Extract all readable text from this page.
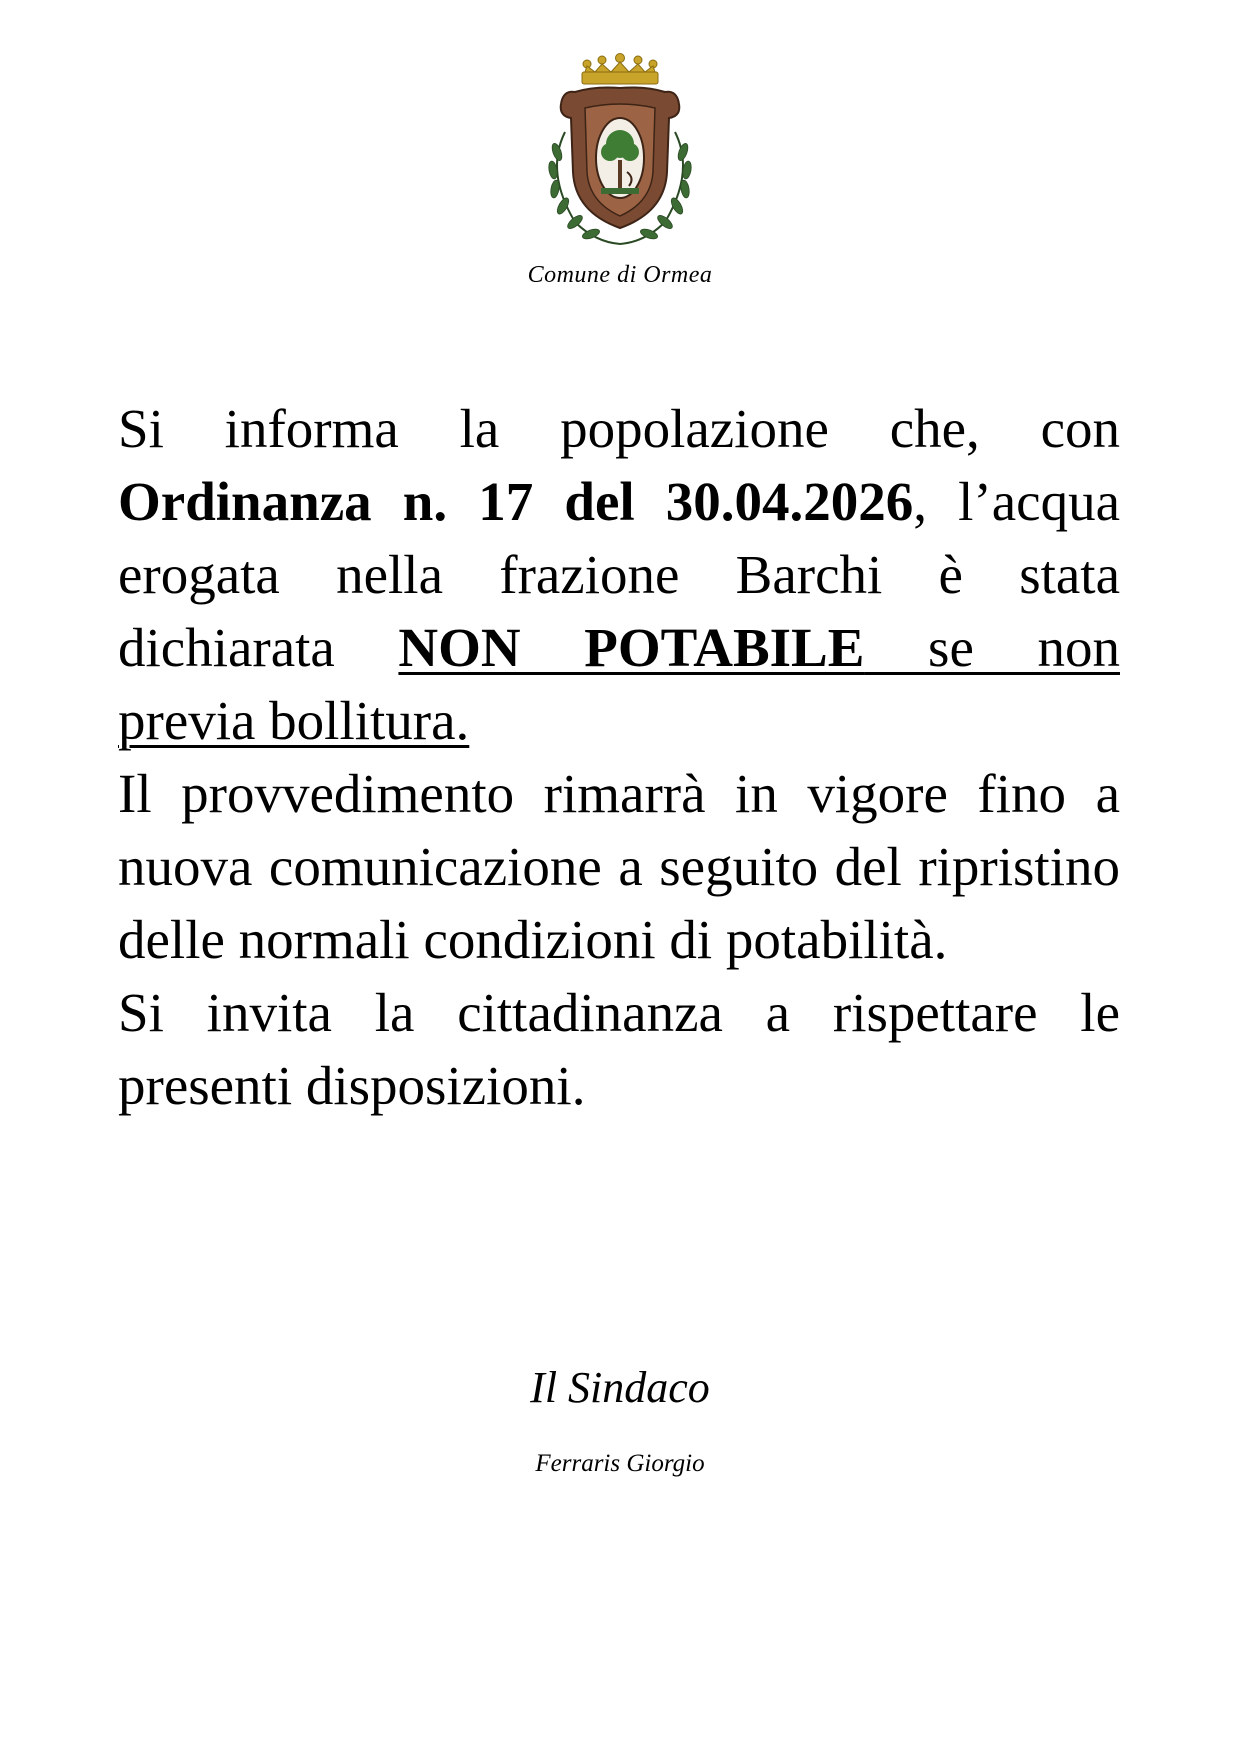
Comune di Ormea

Si informa la popolazione che, con
Ordinanza n. 17 del 30.04.2026, l’acqua
erogata nella frazione Barchi è stata
dichiarata NON POTABILE se non
previa bollitura.

Il provvedimento rimarrà in vigore fino a nuova comunicazione a seguito del ripristino delle normali condizioni di potabilità.

Si invita la cittadinanza a rispettare le presenti disposizioni.

Il Sindaco
Ferraris Giorgio
